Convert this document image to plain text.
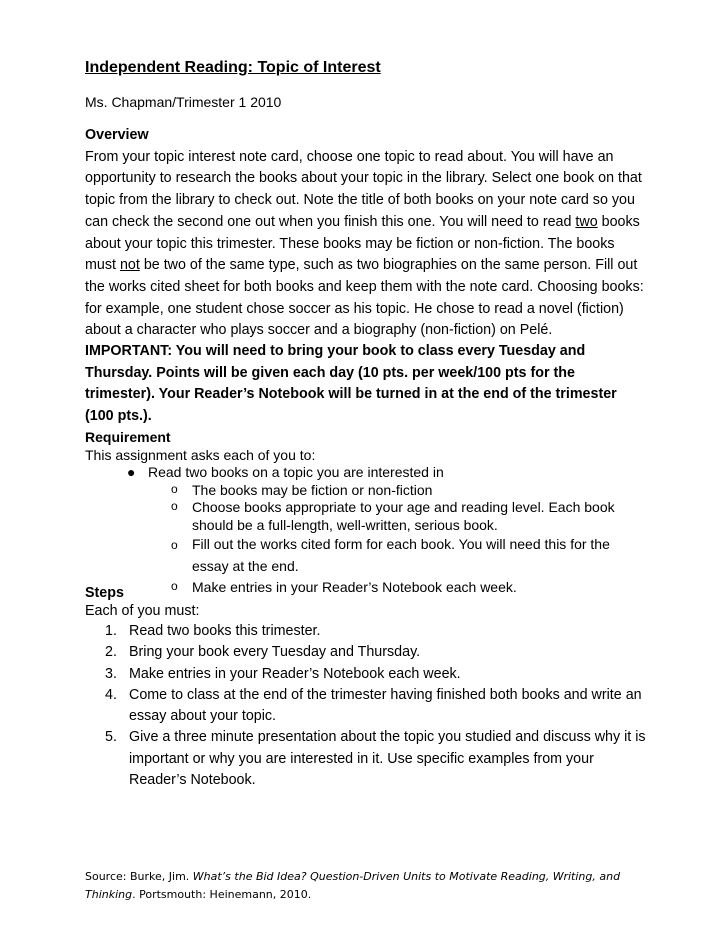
Independent Reading: Topic of Interest
Ms. Chapman/Trimester 1 2010
Overview

From your topic interest note card, choose one topic to read about. You will have an opportunity to research the books about your topic in the library. Select one book on that topic from the library to check out. Note the title of both books on your note card so you can check the second one out when you finish this one. You will need to read two books about your topic this trimester. These books may be fiction or non-fiction. The books must not be two of the same type, such as two biographies on the same person. Fill out the works cited sheet for both books and keep them with the note card. Choosing books: for example, one student chose soccer as his topic. He chose to read a novel (fiction) about a character who plays soccer and a biography (non-fiction) on Pelé.

IMPORTANT: You will need to bring your book to class every Tuesday and Thursday. Points will be given each day (10 pts. per week/100 pts for the trimester). Your Reader’s Notebook will be turned in at the end of the trimester (100 pts.).
Requirement
This assignment asks each of you to:
● Read two books on a topic you are interested in
o The books may be fiction or non-fiction
o Choose books appropriate to your age and reading level. Each book should be a full-length, well-written, serious book.
o Fill out the works cited form for each book. You will need this for the essay at the end.
o Make entries in your Reader’s Notebook each week.
Steps
Each of you must:
1. Read two books this trimester.
2. Bring your book every Tuesday and Thursday.
3. Make entries in your Reader’s Notebook each week.
4. Come to class at the end of the trimester having finished both books and write an essay about your topic.
5. Give a three minute presentation about the topic you studied and discuss why it is important or why you are interested in it. Use specific examples from your Reader’s Notebook.
Source: Burke, Jim. What’s the Bid Idea? Question-Driven Units to Motivate Reading, Writing, and Thinking. Portsmouth: Heinemann, 2010.
